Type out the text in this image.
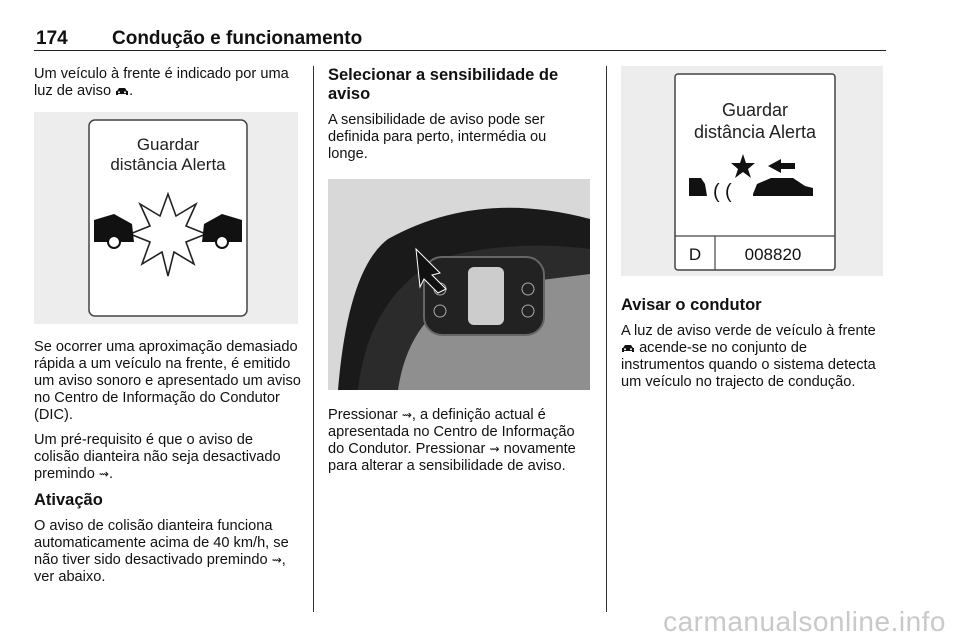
174 Condução e funcionamento

Um veículo à frente é indicado por uma luz de aviso .

Guardar
distância Alerta

Se ocorrer uma aproximação demasiado rápida a um veículo na frente, é emitido um aviso sonoro e apresentado um aviso no Centro de Informação do Condutor (DIC).

Um pré-requisito é que o aviso de colisão dianteira não seja desactivado premindo ⇝.

Ativação

O aviso de colisão dianteira funciona automaticamente acima de 40 km/h, se não tiver sido desactivado premindo ⇝, ver abaixo.

Selecionar a sensibilidade de aviso

A sensibilidade de aviso pode ser definida para perto, intermédia ou longe.

Pressionar ⇝, a definição actual é apresentada no Centro de Informação do Condutor. Pressionar ⇝ novamente para alterar a sensibilidade de aviso.

Guardar
distância Alerta
( (
D	008820
Avisar o condutor

A luz de aviso verde de veículo à frente  acende-se no conjunto de instrumentos quando o sistema detecta um veículo no trajecto de condução.

carmanualsonline.info
